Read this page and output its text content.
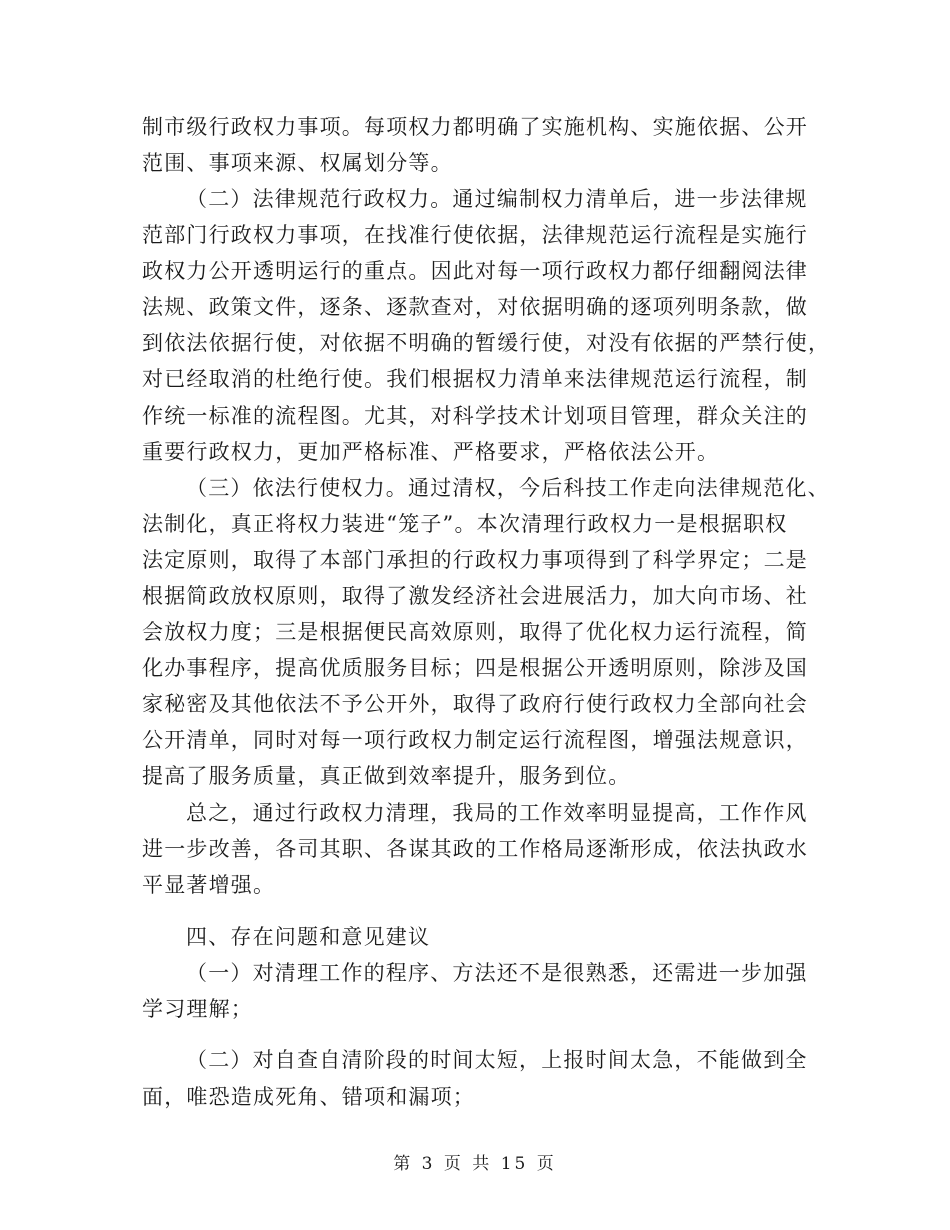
制市级行政权力事项。每项权力都明确了实施机构、实施依据、公开
范围、事项来源、权属划分等。
（二）法律规范行政权力。通过编制权力清单后，进一步法律规
范部门行政权力事项，在找准行使依据，法律规范运行流程是实施行
政权力公开透明运行的重点。因此对每一项行政权力都仔细翻阅法律
法规、政策文件，逐条、逐款查对，对依据明确的逐项列明条款，做
到依法依据行使，对依据不明确的暂缓行使，对没有依据的严禁行使，
对已经取消的杜绝行使。我们根据权力清单来法律规范运行流程，制
作统一标准的流程图。尤其，对科学技术计划项目管理，群众关注的
重要行政权力，更加严格标准、严格要求，严格依法公开。
（三）依法行使权力。通过清权，今后科技工作走向法律规范化、
法制化，真正将权力装进“笼子”。本次清理行政权力一是根据职权
法定原则，取得了本部门承担的行政权力事项得到了科学界定；二是
根据简政放权原则，取得了激发经济社会进展活力，加大向市场、社
会放权力度；三是根据便民高效原则，取得了优化权力运行流程，简
化办事程序，提高优质服务目标；四是根据公开透明原则，除涉及国
家秘密及其他依法不予公开外，取得了政府行使行政权力全部向社会
公开清单，同时对每一项行政权力制定运行流程图，增强法规意识，
提高了服务质量，真正做到效率提升，服务到位。
总之，通过行政权力清理，我局的工作效率明显提高，工作作风
进一步改善，各司其职、各谋其政的工作格局逐渐形成，依法执政水
平显著增强。
四、存在问题和意见建议
（一）对清理工作的程序、方法还不是很熟悉，还需进一步加强
学习理解；
（二）对自查自清阶段的时间太短，上报时间太急，不能做到全
面，唯恐造成死角、错项和漏项；
第 3 页 共 15 页
